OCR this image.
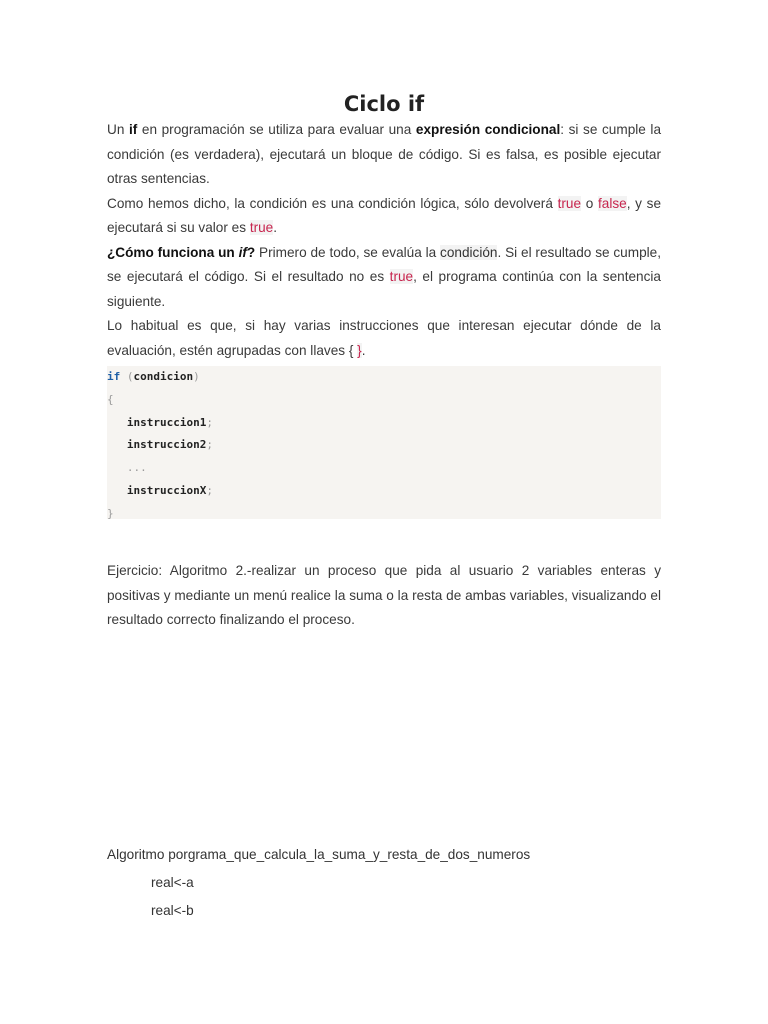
Ciclo if

Un if en programación se utiliza para evaluar una expresión condicional: si se cumple la condición (es verdadera), ejecutará un bloque de código. Si es falsa, es posible ejecutar otras sentencias.

Como hemos dicho, la condición es una condición lógica, sólo devolverá true o false, y se ejecutará si su valor es true.

¿Cómo funciona un if? Primero de todo, se evalúa la condición. Si el resultado se cumple, se ejecutará el código. Si el resultado no es true, el programa continúa con la sentencia siguiente.

Lo habitual es que, si hay varias instrucciones que interesan ejecutar dónde de la evaluación, estén agrupadas con llaves { }.

if (condicion)
{
instruccion1;
instruccion2;
...
instruccionX;
}

Ejercicio: Algoritmo 2.-realizar un proceso que pida al usuario 2 variables enteras y positivas y mediante un menú realice la suma o la resta de ambas variables, visualizando el resultado correcto finalizando el proceso.

Algoritmo porgrama_que_calcula_la_suma_y_resta_de_dos_numeros

real<-a

real<-b
